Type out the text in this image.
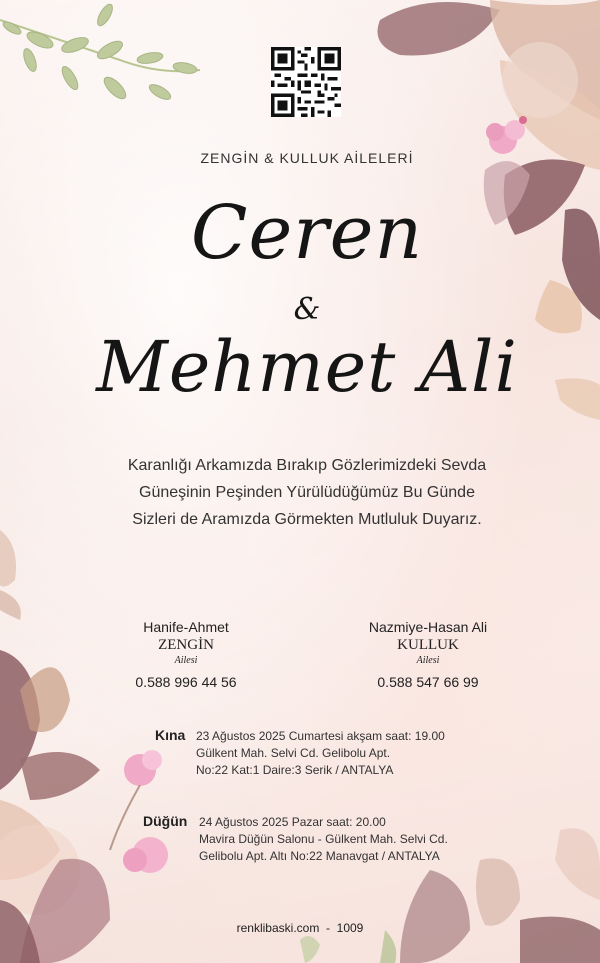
ZENGİN & KULLUK AİLELERİ
Ceren
&
Mehmet Ali
Karanlığı Arkamızda Bırakıp Gözlerimizdeki Sevda
Güneşinin Peşinden Yürülüdüğümüz Bu Günde
Sizleri de Aramızda Görmekten Mutluluk Duyarız.
Hanife-Ahmet
ZENGİN
Ailesi
0.588 996 44 56
Nazmiye-Hasan Ali
KULLUK
Ailesi
0.588 547 66 99
Kına 23 Ağustos 2025 Cumartesi akşam saat: 19.00
Gülkent Mah. Selvi Cd. Gelibolu Apt.
No:22 Kat:1 Daire:3 Serik / ANTALYA
Düğün 24 Ağustos 2025 Pazar saat: 20.00
Mavira Düğün Salonu - Gülkent Mah. Selvi Cd.
Gelibolu Apt. Altı No:22 Manavgat / ANTALYA
renklibaski.com  -  1009
